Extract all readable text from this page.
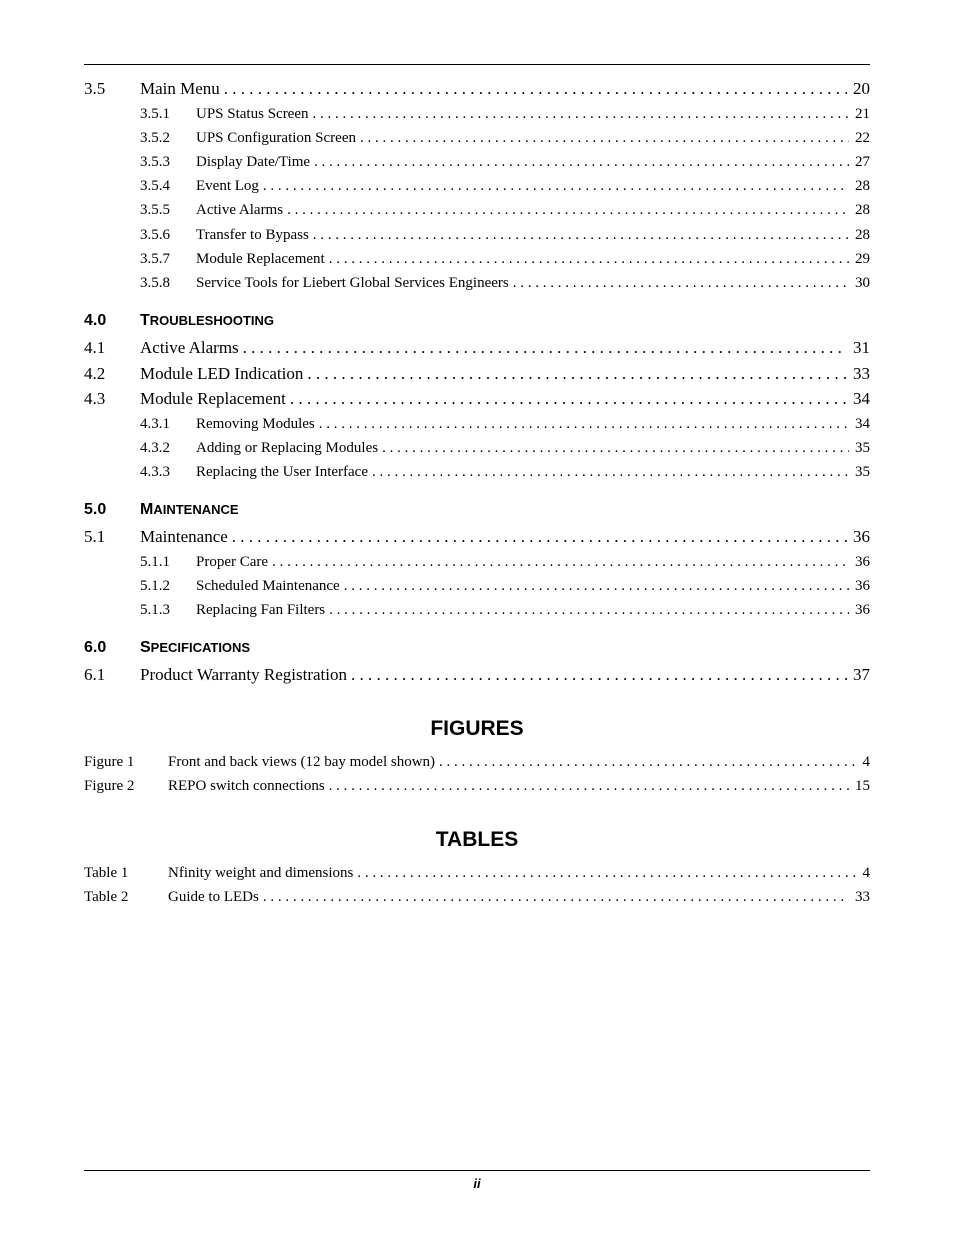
3.5	Main Menu . . .	20
3.5.1	UPS Status Screen . . .	21
3.5.2	UPS Configuration Screen . . .	22
3.5.3	Display Date/Time . . .	27
3.5.4	Event Log . . .	28
3.5.5	Active Alarms . . .	28
3.5.6	Transfer to Bypass . . .	28
3.5.7	Module Replacement . . .	29
3.5.8	Service Tools for Liebert Global Services Engineers . . .	30
4.0	T ROUBLESHOOTING
4.1	Active Alarms . . .	31
4.2	Module LED Indication . . .	33
4.3	Module Replacement . . .	34
4.3.1	Removing Modules . . .	34
4.3.2	Adding or Replacing Modules . . .	35
4.3.3	Replacing the User Interface . . .	35
5.0	M AINTENANCE
5.1	Maintenance . . .	36
5.1.1	Proper Care . . .	36
5.1.2	Scheduled Maintenance . . .	36
5.1.3	Replacing Fan Filters . . .	36
6.0	S PECIFICATIONS
6.1	Product Warranty Registration . . .	37
FIGURES
Figure 1	Front and back views (12 bay model shown) . . .	4
Figure 2	REPO switch connections . . .	15
TABLES
Table 1	Nfinity weight and dimensions . . .	4
Table 2	Guide to LEDs . . .	33
ii
